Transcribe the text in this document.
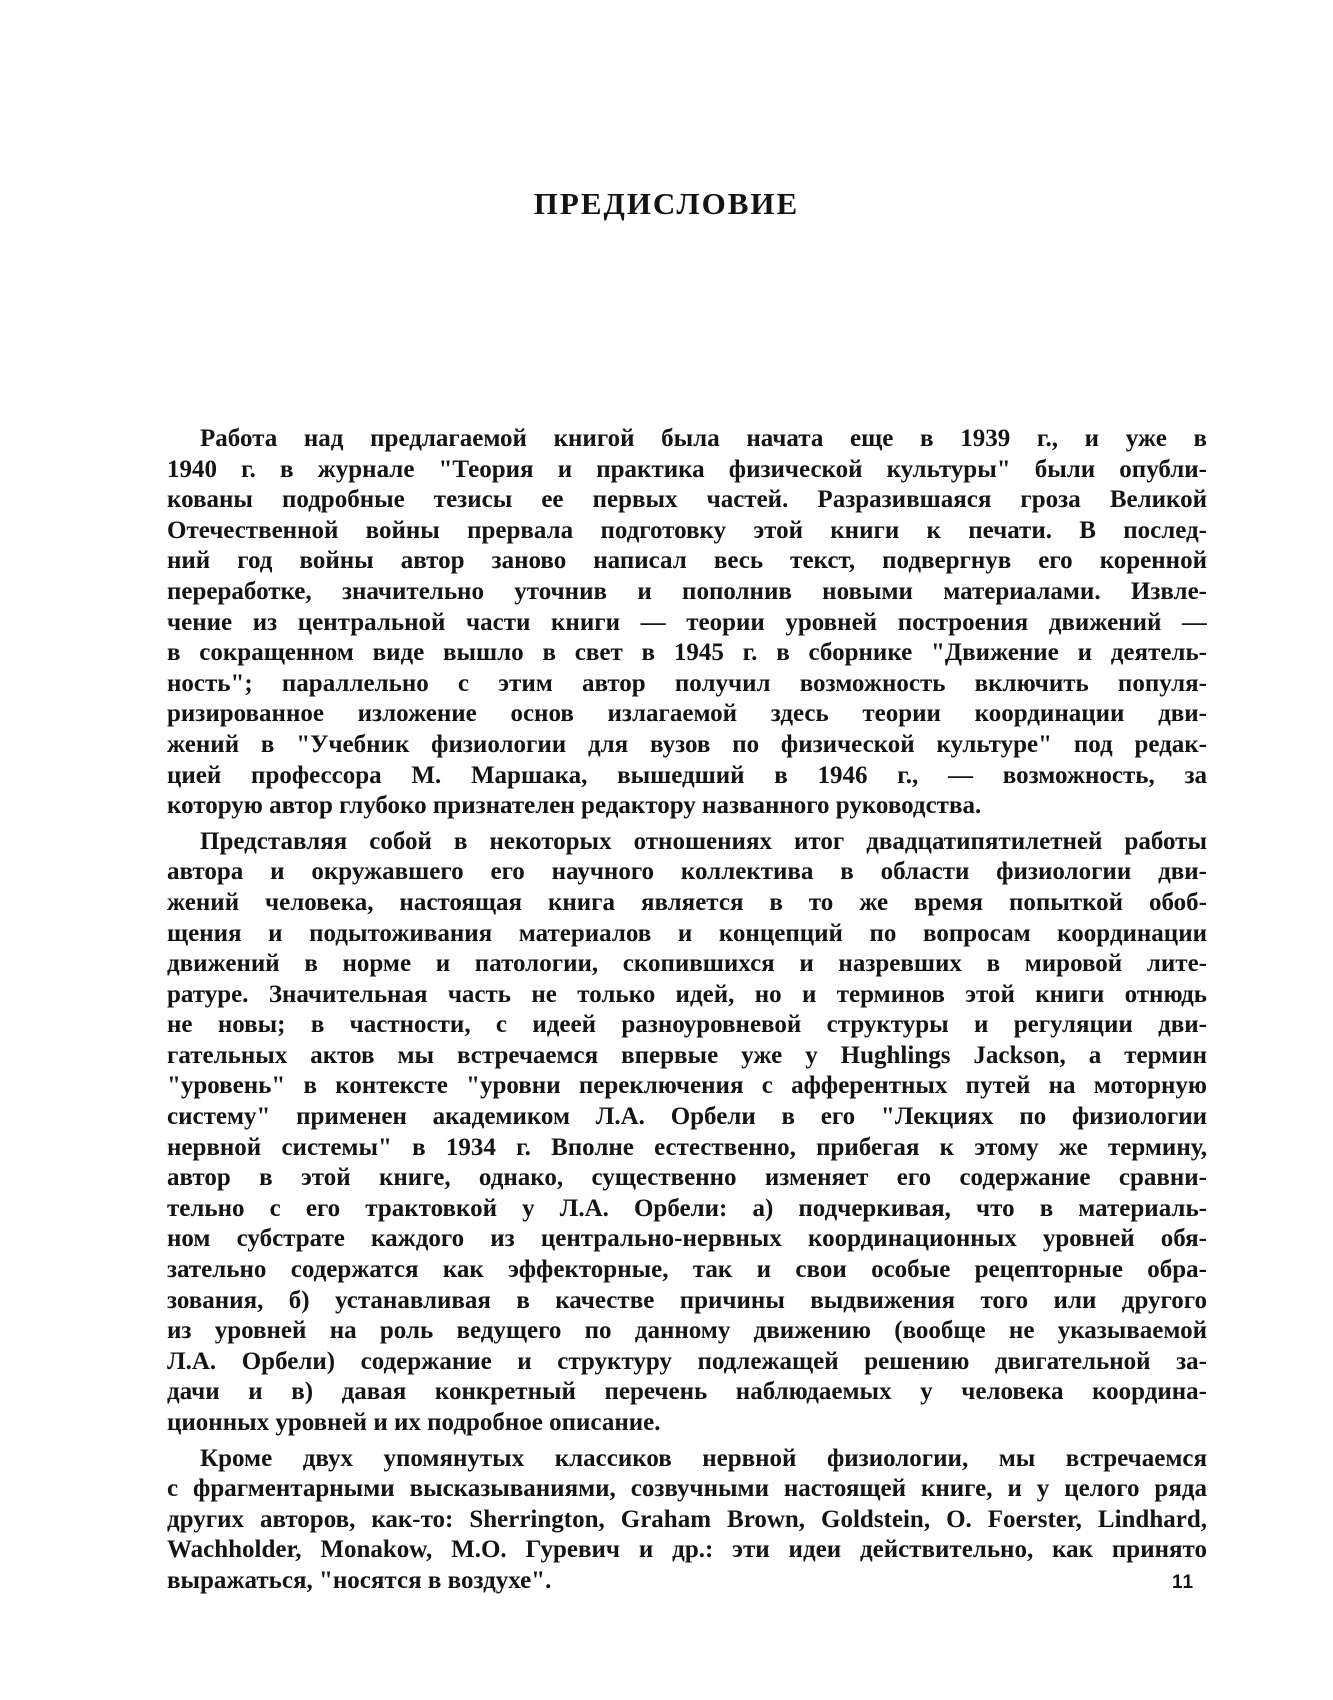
ПРЕДИСЛОВИЕ

Работа над предлагаемой книгой была начата еще в 1939 г., и уже в
1940 г. в журнале "Теория и практика физической культуры" были опубли-
кованы подробные тезисы ее первых частей. Разразившаяся гроза Великой
Отечественной войны прервала подготовку этой книги к печати. В послед-
ний год войны автор заново написал весь текст, подвергнув его коренной
переработке, значительно уточнив и пополнив новыми материалами. Извле-
чение из центральной части книги — теории уровней построения движений —
в сокращенном виде вышло в свет в 1945 г. в сборнике "Движение и деятель-
ность"; параллельно с этим автор получил возможность включить популя-
ризированное изложение основ излагаемой здесь теории координации дви-
жений в "Учебник физиологии для вузов по физической культуре" под редак-
цией профессора М. Маршака, вышедший в 1946 г., — возможность, за
которую автор глубоко признателен редактору названного руководства.

Представляя собой в некоторых отношениях итог двадцатипятилетней работы
автора и окружавшего его научного коллектива в области физиологии дви-
жений человека, настоящая книга является в то же время попыткой обоб-
щения и подытоживания материалов и концепций по вопросам координации
движений в норме и патологии, скопившихся и назревших в мировой лите-
ратуре. Значительная часть не только идей, но и терминов этой книги отнюдь
не новы; в частности, с идеей разноуровневой структуры и регуляции дви-
гательных актов мы встречаемся впервые уже у Hughlings Jackson, а термин
"уровень" в контексте "уровни переключения с афферентных путей на моторную
систему" применен академиком Л.А. Орбели в его "Лекциях по физиологии
нервной системы" в 1934 г. Вполне естественно, прибегая к этому же термину,
автор в этой книге, однако, существенно изменяет его содержание сравни-
тельно с его трактовкой у Л.А. Орбели: а) подчеркивая, что в материаль-
ном субстрате каждого из центрально-нервных координационных уровней обя-
зательно содержатся как эффекторные, так и свои особые рецепторные обра-
зования, б) устанавливая в качестве причины выдвижения того или другого
из уровней на роль ведущего по данному движению (вообще не указываемой
Л.А. Орбели) содержание и структуру подлежащей решению двигательной за-
дачи и в) давая конкретный перечень наблюдаемых у человека координа-
ционных уровней и их подробное описание.

Кроме двух упомянутых классиков нервной физиологии, мы встречаемся
с фрагментарными высказываниями, созвучными настоящей книге, и у целого ряда
других авторов, как-то: Sherrington, Graham Brown, Goldstein, O. Foerster, Lindhard,
Wachholder, Monakow, М.О. Гуревич и др.: эти идеи действительно, как принято
выражаться, "носятся в воздухе".	11
